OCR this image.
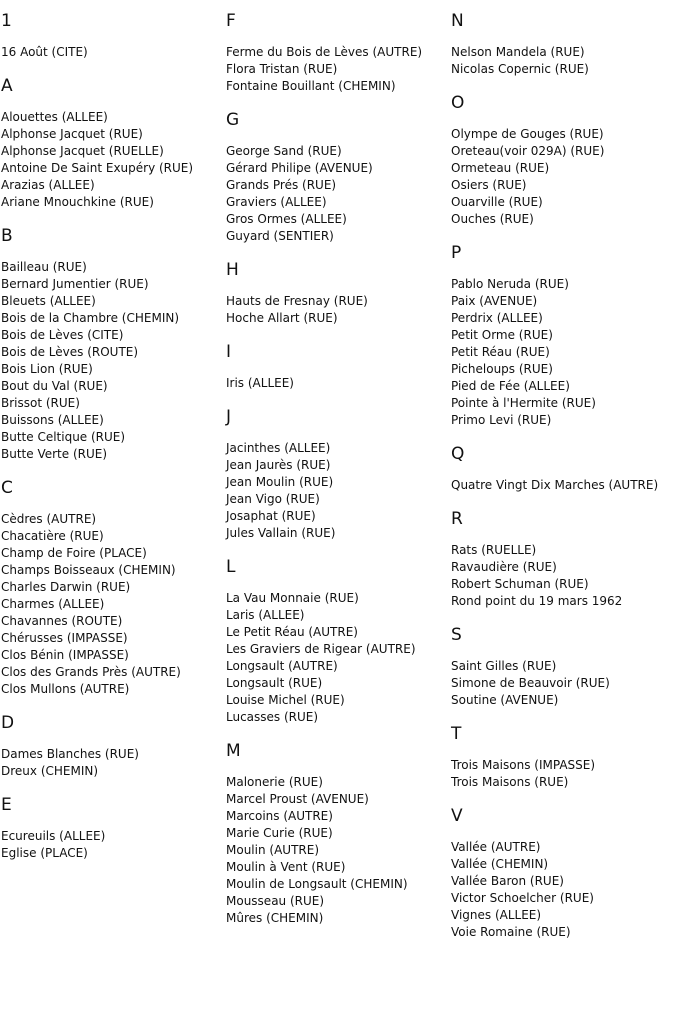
1
16 Août (CITE)
A
Alouettes (ALLEE)
Alphonse Jacquet (RUE)
Alphonse Jacquet (RUELLE)
Antoine De Saint Exupéry (RUE)
Arazias (ALLEE)
Ariane Mnouchkine (RUE)
B
Bailleau (RUE)
Bernard Jumentier (RUE)
Bleuets (ALLEE)
Bois de la Chambre (CHEMIN)
Bois de Lèves (CITE)
Bois de Lèves (ROUTE)
Bois Lion (RUE)
Bout du Val (RUE)
Brissot (RUE)
Buissons (ALLEE)
Butte Celtique (RUE)
Butte Verte (RUE)
C
Cèdres (AUTRE)
Chacatière (RUE)
Champ de Foire (PLACE)
Champs Boisseaux (CHEMIN)
Charles Darwin (RUE)
Charmes (ALLEE)
Chavannes (ROUTE)
Chérusses (IMPASSE)
Clos Bénin (IMPASSE)
Clos des Grands Près (AUTRE)
Clos Mullons (AUTRE)
D
Dames Blanches (RUE)
Dreux (CHEMIN)
E
Ecureuils (ALLEE)
Eglise (PLACE)
F
Ferme du Bois de Lèves (AUTRE)
Flora Tristan (RUE)
Fontaine Bouillant (CHEMIN)
G
George Sand (RUE)
Gérard Philipe (AVENUE)
Grands Prés (RUE)
Graviers (ALLEE)
Gros Ormes (ALLEE)
Guyard (SENTIER)
H
Hauts de Fresnay (RUE)
Hoche Allart (RUE)
I
Iris (ALLEE)
J
Jacinthes (ALLEE)
Jean Jaurès (RUE)
Jean Moulin (RUE)
Jean Vigo (RUE)
Josaphat (RUE)
Jules Vallain (RUE)
L
La Vau Monnaie (RUE)
Laris (ALLEE)
Le Petit Réau (AUTRE)
Les Graviers de Rigear (AUTRE)
Longsault (AUTRE)
Longsault (RUE)
Louise Michel (RUE)
Lucasses (RUE)
M
Malonerie (RUE)
Marcel Proust (AVENUE)
Marcoins (AUTRE)
Marie Curie (RUE)
Moulin (AUTRE)
Moulin à Vent (RUE)
Moulin de Longsault (CHEMIN)
Mousseau (RUE)
Mûres (CHEMIN)
N
Nelson Mandela (RUE)
Nicolas Copernic (RUE)
O
Olympe de Gouges (RUE)
Oreteau(voir 029A) (RUE)
Ormeteau (RUE)
Osiers (RUE)
Ouarville (RUE)
Ouches (RUE)
P
Pablo Neruda (RUE)
Paix (AVENUE)
Perdrix (ALLEE)
Petit Orme (RUE)
Petit Réau (RUE)
Picheloups (RUE)
Pied de Fée (ALLEE)
Pointe à l'Hermite (RUE)
Primo Levi (RUE)
Q
Quatre Vingt Dix Marches (AUTRE)
R
Rats (RUELLE)
Ravaudière (RUE)
Robert Schuman (RUE)
Rond point du 19 mars 1962
S
Saint Gilles (RUE)
Simone de Beauvoir (RUE)
Soutine (AVENUE)
T
Trois Maisons (IMPASSE)
Trois Maisons (RUE)
V
Vallée (AUTRE)
Vallée (CHEMIN)
Vallée Baron (RUE)
Victor Schoelcher (RUE)
Vignes (ALLEE)
Voie Romaine (RUE)
